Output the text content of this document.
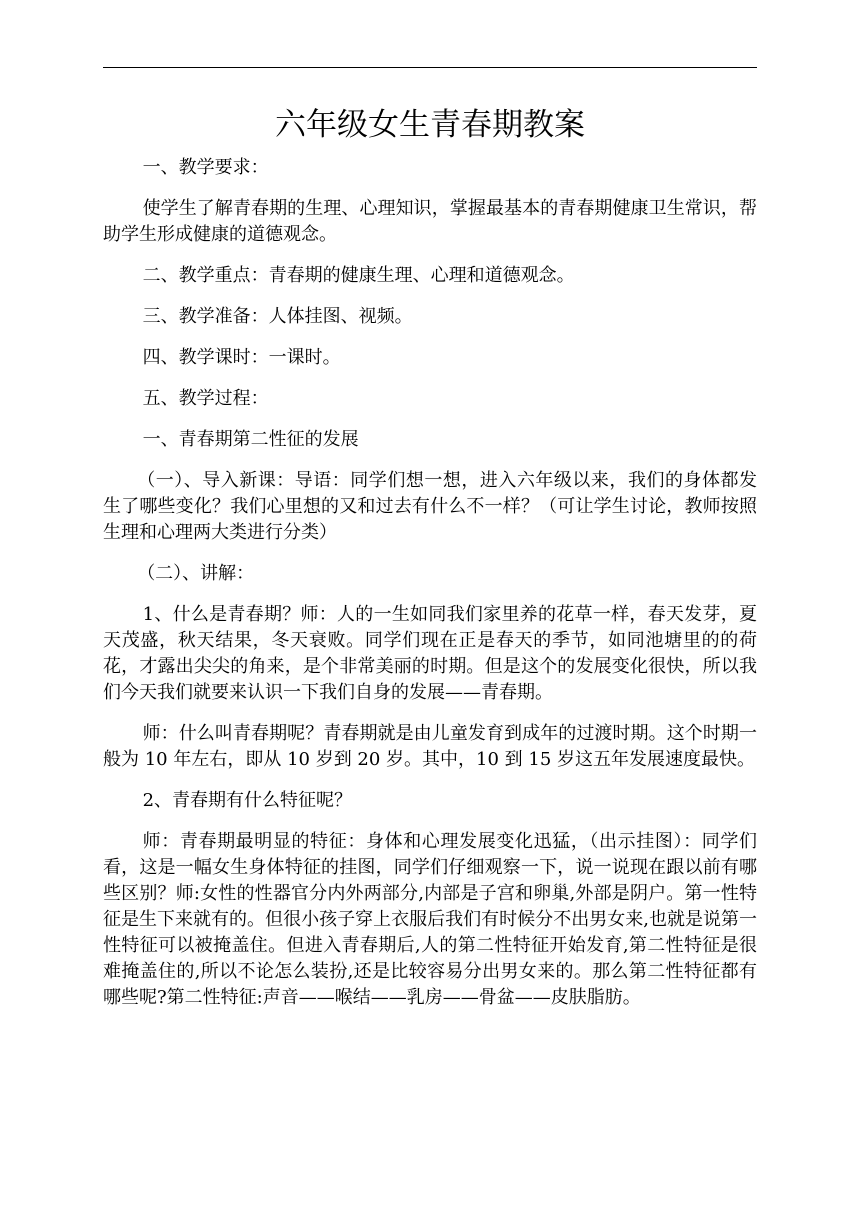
六年级女生青春期教案

一、教学要求：

使学生了解青春期的生理、心理知识，掌握最基本的青春期健康卫生常识，帮助学生形成健康的道德观念。

二、教学重点：青春期的健康生理、心理和道德观念。

三、教学准备：人体挂图、视频。

四、教学课时：一课时。

五、教学过程：

一、青春期第二性征的发展

（一）、导入新课：导语：同学们想一想，进入六年级以来，我们的身体都发生了哪些变化？我们心里想的又和过去有什么不一样？（可让学生讨论，教师按照生理和心理两大类进行分类）

（二）、讲解：

1、什么是青春期？师：人的一生如同我们家里养的花草一样，春天发芽，夏天茂盛，秋天结果，冬天衰败。同学们现在正是春天的季节，如同池塘里的的荷花，才露出尖尖的角来，是个非常美丽的时期。但是这个的发展变化很快，所以我们今天我们就要来认识一下我们自身的发展——青春期。

师：什么叫青春期呢？青春期就是由儿童发育到成年的过渡时期。这个时期一般为 10 年左右，即从 10 岁到 20 岁。其中，10 到 15 岁这五年发展速度最快。

2、青春期有什么特征呢？

师：青春期最明显的特征：身体和心理发展变化迅猛，（出示挂图）：同学们看，这是一幅女生身体特征的挂图，同学们仔细观察一下，说一说现在跟以前有哪些区别？师:女性的性器官分内外两部分,内部是子宫和卵巢,外部是阴户。第一性特征是生下来就有的。但很小孩子穿上衣服后我们有时候分不出男女来,也就是说第一性特征可以被掩盖住。但进入青春期后,人的第二性特征开始发育,第二性特征是很难掩盖住的,所以不论怎么装扮,还是比较容易分出男女来的。那么第二性特征都有哪些呢?第二性特征:声音——喉结——乳房——骨盆——皮肤脂肪。
